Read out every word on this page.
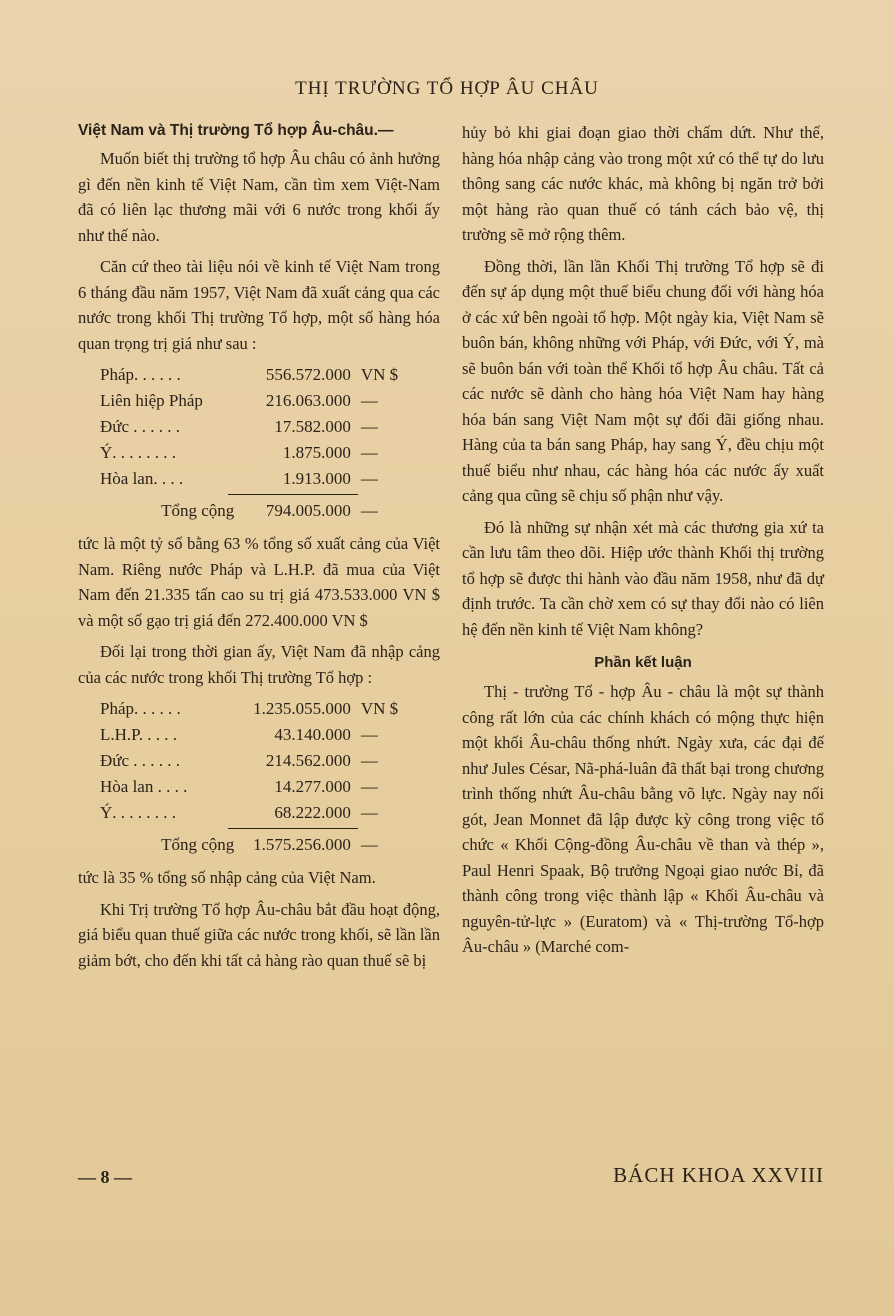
THỊ TRƯỜNG TỔ HỢP ÂU CHÂU
Việt Nam và Thị trường Tổ hợp Âu-châu.—

Muốn biết thị trường tổ hợp Âu châu có ảnh hưởng gì đến nền kinh tế Việt Nam, cần tìm xem Việt-Nam đã có liên lạc thương mãi với 6 nước trong khối ấy như thế nào.

Căn cứ theo tài liệu nói về kinh tế Việt Nam trong 6 tháng đầu năm 1957, Việt Nam đã xuất cảng qua các nước trong khối Thị trường Tổ hợp, một số hàng hóa quan trọng trị giá như sau :

Pháp. . . . . .	556.572.000 VN $
Liên hiệp Pháp	216.063.000 —
Đức . . . . . .	17.582.000 —
Ý. . . . . . . .	1.875.000 —
Hòa lan. . . .	1.913.000 —
Tổng cộng	794.005.000 —

tức là một tỷ số bằng 63 % tổng số xuất cảng của Việt Nam. Riêng nước Pháp và L.H.P. đã mua của Việt Nam đến 21.335 tấn cao su trị giá 473.533.000 VN $ và một số gạo trị giá đến 272.400.000 VN $

Đối lại trong thời gian ấy, Việt Nam đã nhập cảng của các nước trong khối Thị trường Tổ hợp :

Pháp. . . . . .	1.235.055.000 VN $
L.H.P. . . . .	43.140.000 —
Đức . . . . . .	214.562.000 —
Hòa lan . . . .	14.277.000 —
Ý. . . . . . . .	68.222.000 —
Tổng cộng	1.575.256.000 —

tức là 35 % tổng số nhập cảng của Việt Nam.

Khi Trị trường Tổ hợp Âu-châu bắt đầu hoạt động, giá biểu quan thuế giữa các nước trong khối, sẽ lần lần giảm bớt, cho đến khi tất cả hàng rào quan thuế sẽ bị

hủy bỏ khi giai đoạn giao thời chấm dứt. Như thế, hàng hóa nhập cảng vào trong một xứ có thể tự do lưu thông sang các nước khác, mà không bị ngăn trở bởi một hàng rào quan thuế có tánh cách bảo vệ, thị trường sẽ mở rộng thêm.

Đồng thời, lần lần Khối Thị trường Tổ hợp sẽ đi đến sự áp dụng một thuế biểu chung đối với hàng hóa ở các xứ bên ngoài tổ hợp. Một ngày kia, Việt Nam sẽ buôn bán, không những với Pháp, với Đức, với Ý, mà sẽ buôn bán với toàn thể Khối tổ hợp Âu châu. Tất cả các nước sẽ dành cho hàng hóa Việt Nam hay hàng hóa bán sang Việt Nam một sự đối đãi giống nhau. Hàng của ta bán sang Pháp, hay sang Ý, đều chịu một thuế biểu như nhau, các hàng hóa các nước ấy xuất cảng qua cũng sẽ chịu số phận như vậy.

Đó là những sự nhận xét mà các thương gia xứ ta cần lưu tâm theo dõi. Hiệp ước thành Khối thị trường tổ hợp sẽ được thi hành vào đầu năm 1958, như đã dự định trước. Ta cần chờ xem có sự thay đổi nào có liên hệ đến nền kinh tế Việt Nam không?

Phần kết luận

Thị - trường Tổ - hợp Âu - châu là một sự thành công rất lớn của các chính khách có mộng thực hiện một khối Âu-châu thống nhứt. Ngày xưa, các đại đế như Jules César, Nã-phá-luân đã thất bại trong chương trình thống nhứt Âu-châu bằng võ lực. Ngày nay nối gót, Jean Monnet đã lập được kỳ công trong việc tổ chức « Khối Cộng-đồng Âu-châu về than và thép », Paul Henri Spaak, Bộ trưởng Ngoại giao nước Bỉ, đã thành công trong việc thành lập « Khối Âu-châu và nguyên-tử-lực » (Euratom) và « Thị-trường Tổ-hợp Âu-châu » (Marché com-

— 8 —	BÁCH KHOA XXVIII
